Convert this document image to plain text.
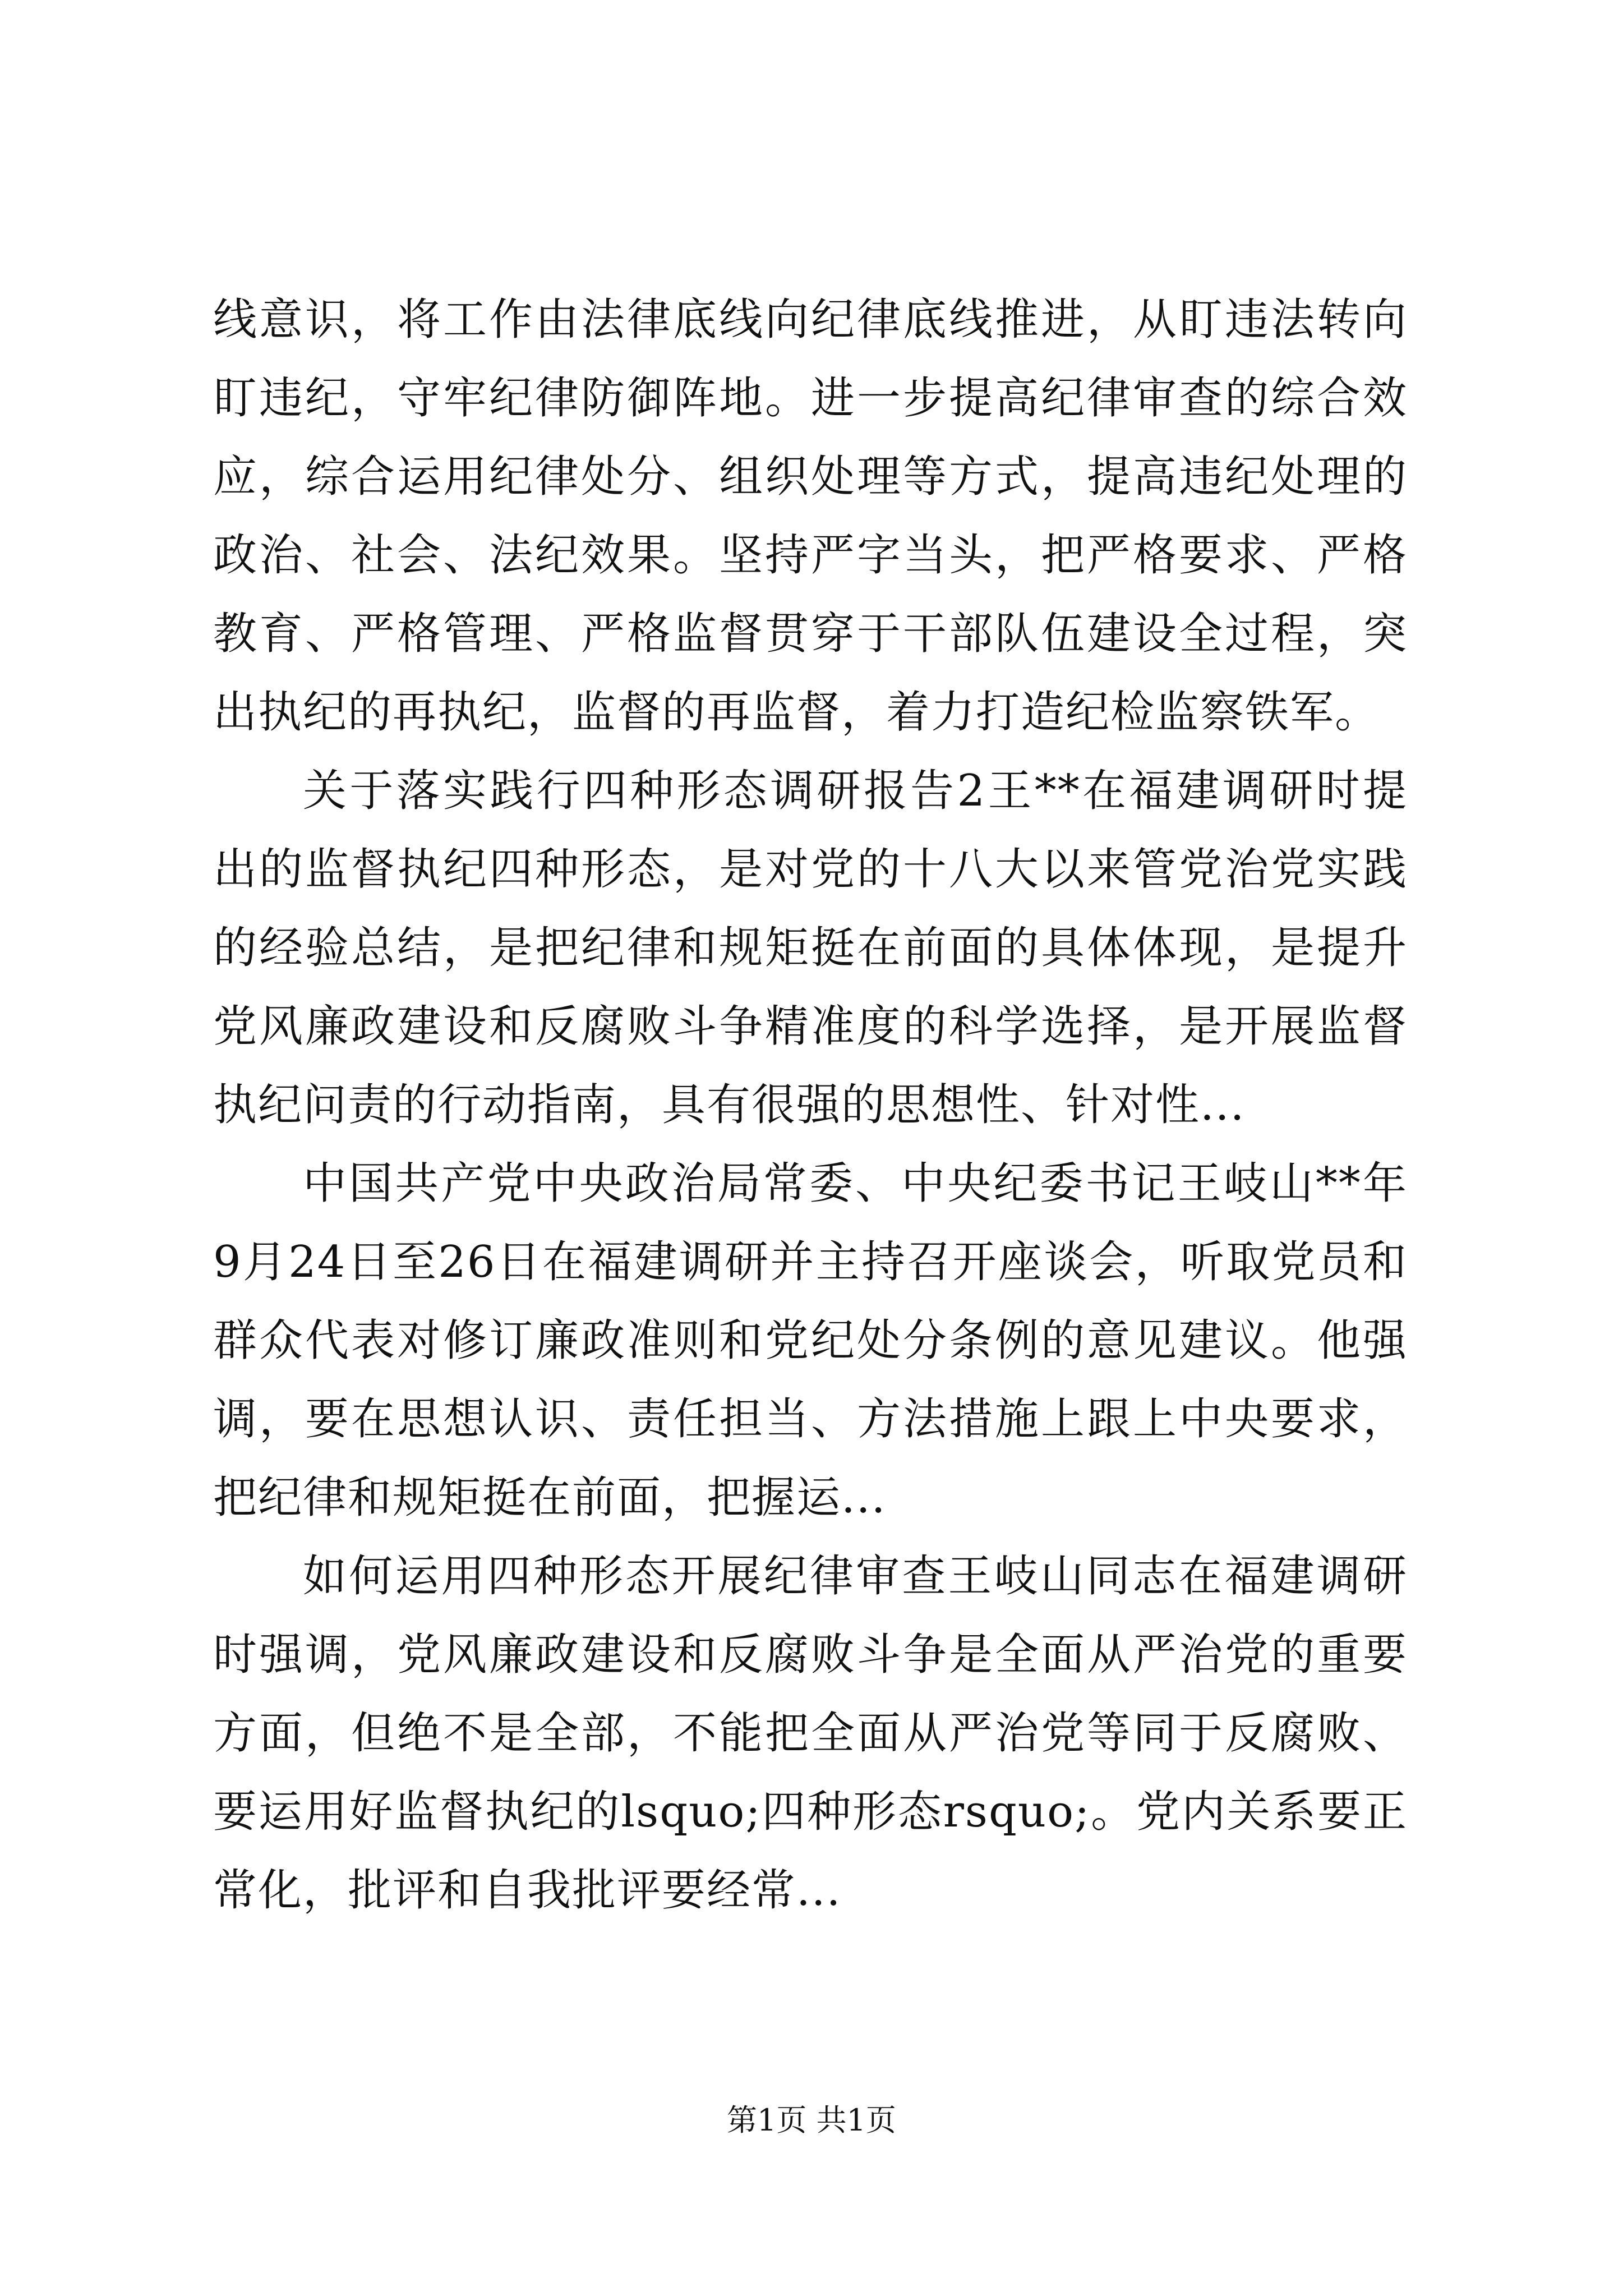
线意识，将工作由法律底线向纪律底线推进，从盯违法转向盯违纪，守牢纪律防御阵地。进一步提高纪律审查的综合效应，综合运用纪律处分、组织处理等方式，提高违纪处理的政治、社会、法纪效果。坚持严字当头，把严格要求、严格教育、严格管理、严格监督贯穿于干部队伍建设全过程，突出执纪的再执纪，监督的再监督，着力打造纪检监察铁军。

关于落实践行四种形态调研报告2王**在福建调研时提出的监督执纪四种形态，是对党的十八大以来管党治党实践的经验总结，是把纪律和规矩挺在前面的具体体现，是提升党风廉政建设和反腐败斗争精准度的科学选择，是开展监督执纪问责的行动指南，具有很强的思想性、针对性...

中国共产党中央政治局常委、中央纪委书记王岐山**年9月24日至26日在福建调研并主持召开座谈会，听取党员和群众代表对修订廉政准则和党纪处分条例的意见建议。他强调，要在思想认识、责任担当、方法措施上跟上中央要求，把纪律和规矩挺在前面，把握运...

如何运用四种形态开展纪律审查王岐山同志在福建调研时强调，党风廉政建设和反腐败斗争是全面从严治党的重要方面，但绝不是全部，不能把全面从严治党等同于反腐败、要运用好监督执纪的lsquo;四种形态rsquo;。党内关系要正常化，批评和自我批评要经常...

第1页 共1页
